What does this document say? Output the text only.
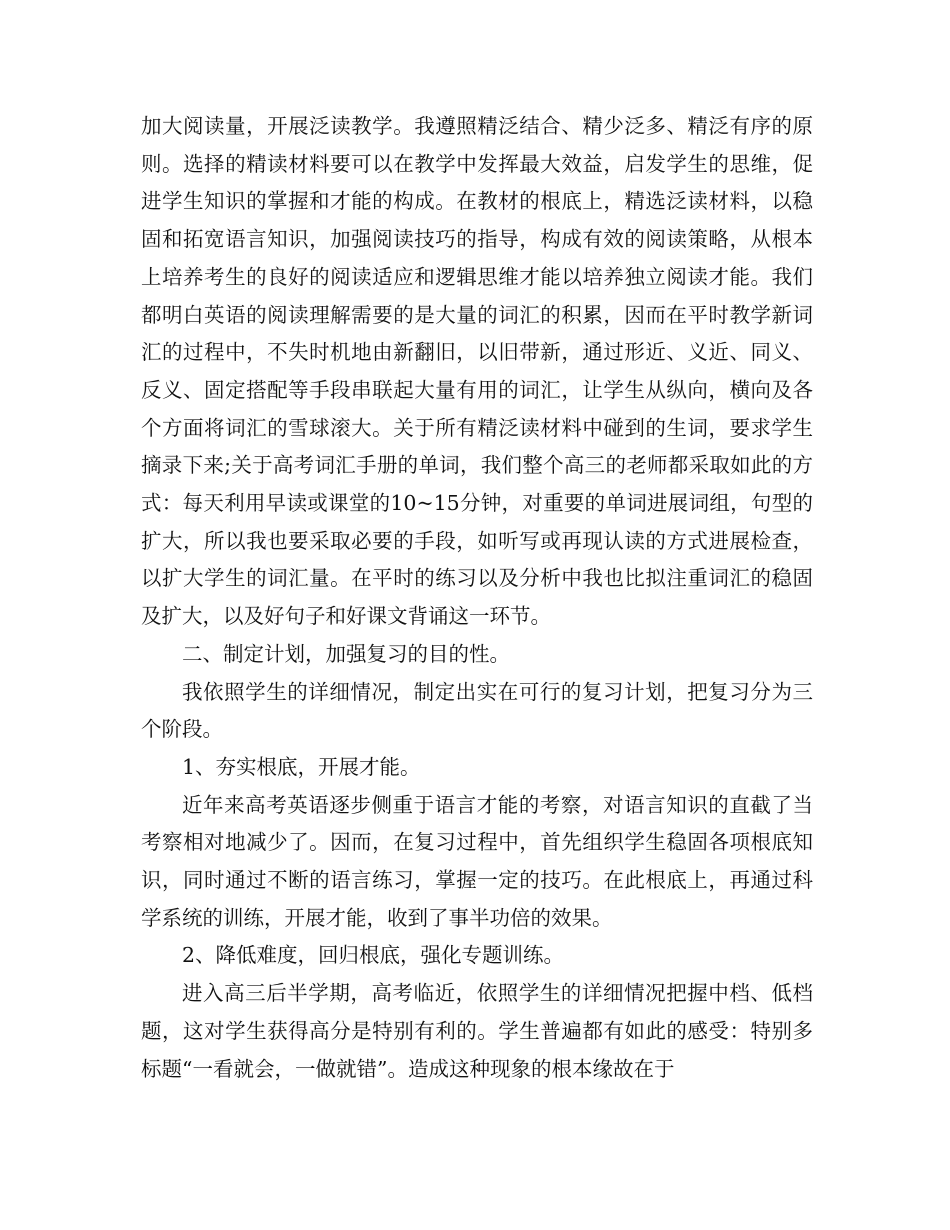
加大阅读量，开展泛读教学。我遵照精泛结合、精少泛多、精泛有序的原则。选择的精读材料要可以在教学中发挥最大效益，启发学生的思维，促进学生知识的掌握和才能的构成。在教材的根底上，精选泛读材料，以稳固和拓宽语言知识，加强阅读技巧的指导，构成有效的阅读策略，从根本上培养考生的良好的阅读适应和逻辑思维才能以培养独立阅读才能。我们都明白英语的阅读理解需要的是大量的词汇的积累，因而在平时教学新词汇的过程中，不失时机地由新翻旧，以旧带新，通过形近、义近、同义、反义、固定搭配等手段串联起大量有用的词汇，让学生从纵向，横向及各个方面将词汇的雪球滚大。关于所有精泛读材料中碰到的生词，要求学生摘录下来;关于高考词汇手册的单词，我们整个高三的老师都采取如此的方式：每天利用早读或课堂的10~15分钟，对重要的单词进展词组，句型的扩大，所以我也要采取必要的手段，如听写或再现认读的方式进展检查，以扩大学生的词汇量。在平时的练习以及分析中我也比拟注重词汇的稳固及扩大，以及好句子和好课文背诵这一环节。

二、制定计划，加强复习的目的性。

我依照学生的详细情况，制定出实在可行的复习计划，把复习分为三个阶段。

1、夯实根底，开展才能。

近年来高考英语逐步侧重于语言才能的考察，对语言知识的直截了当考察相对地减少了。因而，在复习过程中，首先组织学生稳固各项根底知识，同时通过不断的语言练习，掌握一定的技巧。在此根底上，再通过科学系统的训练，开展才能，收到了事半功倍的效果。

2、降低难度，回归根底，强化专题训练。

进入高三后半学期，高考临近，依照学生的详细情况把握中档、低档题，这对学生获得高分是特别有利的。学生普遍都有如此的感受：特别多标题“一看就会，一做就错”。造成这种现象的根本缘故在于
